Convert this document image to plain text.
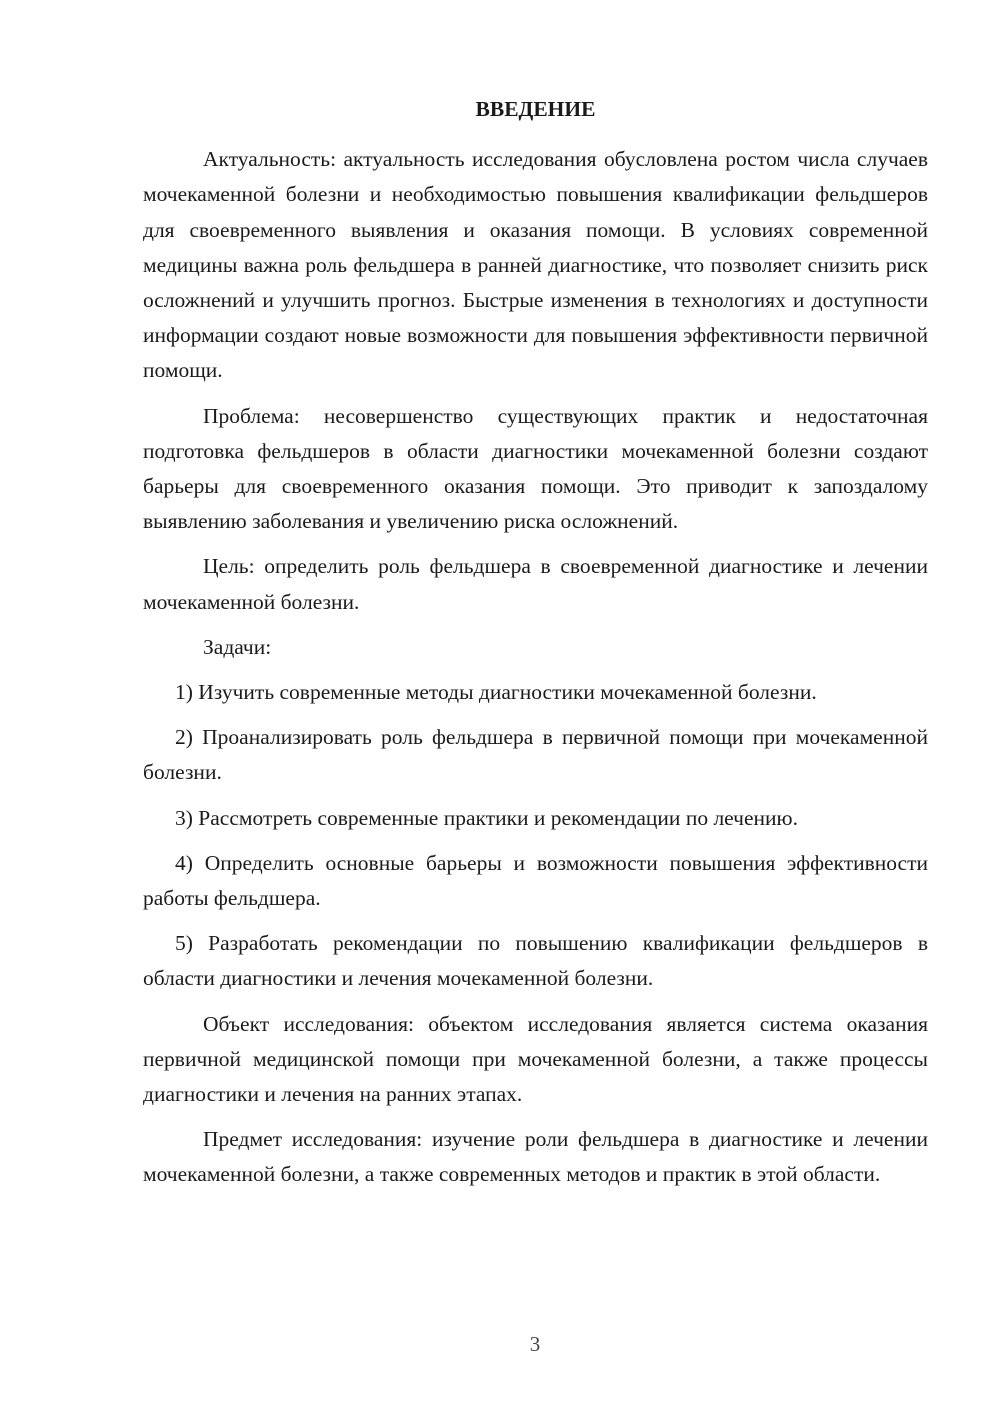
ВВЕДЕНИЕ

Актуальность: актуальность исследования обусловлена ростом числа случаев мочекаменной болезни и необходимостью повышения квалификации фельдшеров для своевременного выявления и оказания помощи. В условиях современной медицины важна роль фельдшера в ранней диагностике, что позволяет снизить риск осложнений и улучшить прогноз. Быстрые изменения в технологиях и доступности информации создают новые возможности для повышения эффективности первичной помощи.

Проблема: несовершенство существующих практик и недостаточная подготовка фельдшеров в области диагностики мочекаменной болезни создают барьеры для своевременного оказания помощи. Это приводит к запоздалому выявлению заболевания и увеличению риска осложнений.

Цель: определить роль фельдшера в своевременной диагностике и лечении мочекаменной болезни.

Задачи:

1) Изучить современные методы диагностики мочекаменной болезни.

2) Проанализировать роль фельдшера в первичной помощи при мочекаменной болезни.

3) Рассмотреть современные практики и рекомендации по лечению.

4) Определить основные барьеры и возможности повышения эффективности работы фельдшера.

5) Разработать рекомендации по повышению квалификации фельдшеров в области диагностики и лечения мочекаменной болезни.

Объект исследования: объектом исследования является система оказания первичной медицинской помощи при мочекаменной болезни, а также процессы диагностики и лечения на ранних этапах.

Предмет исследования: изучение роли фельдшера в диагностике и лечении мочекаменной болезни, а также современных методов и практик в этой области.

3
